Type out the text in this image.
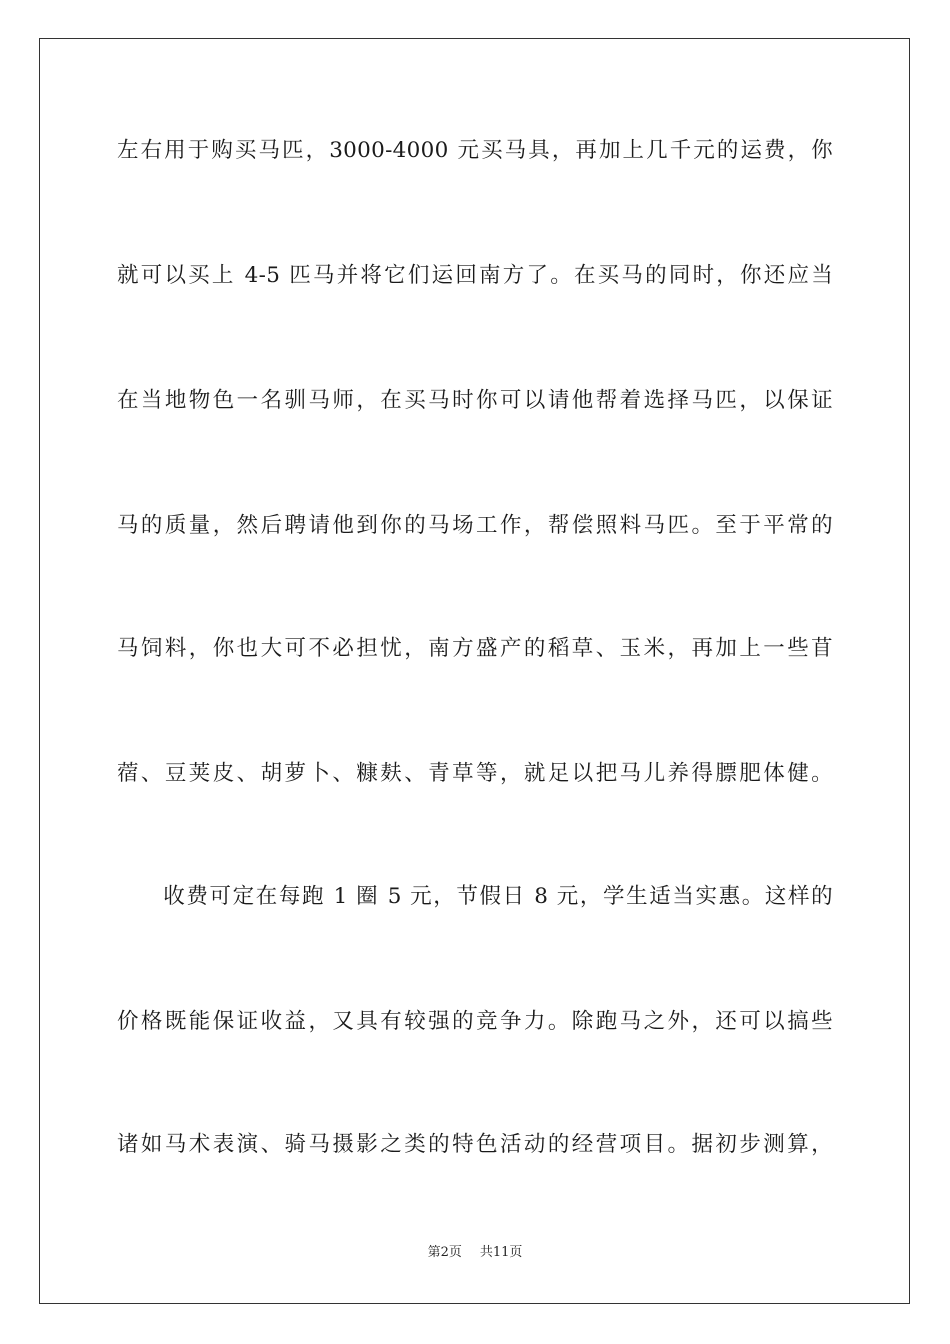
左右用于购买马匹，3000-4000 元买马具，再加上几千元的运费，你
就可以买上 4-5 匹马并将它们运回南方了。在买马的同时，你还应当
在当地物色一名驯马师，在买马时你可以请他帮着选择马匹，以保证
马的质量，然后聘请他到你的马场工作，帮偿照料马匹。至于平常的
马饲料，你也大可不必担忧，南方盛产的稻草、玉米，再加上一些苜
蓿、豆荚皮、胡萝卜、糠麸、青草等，就足以把马儿养得膘肥体健。
　　收费可定在每跑 1 圈 5 元，节假日 8 元，学生适当实惠。这样的
价格既能保证收益，又具有较强的竞争力。除跑马之外，还可以搞些
诸如马术表演、骑马摄影之类的特色活动的经营项目。据初步测算，
第2页 共11页
